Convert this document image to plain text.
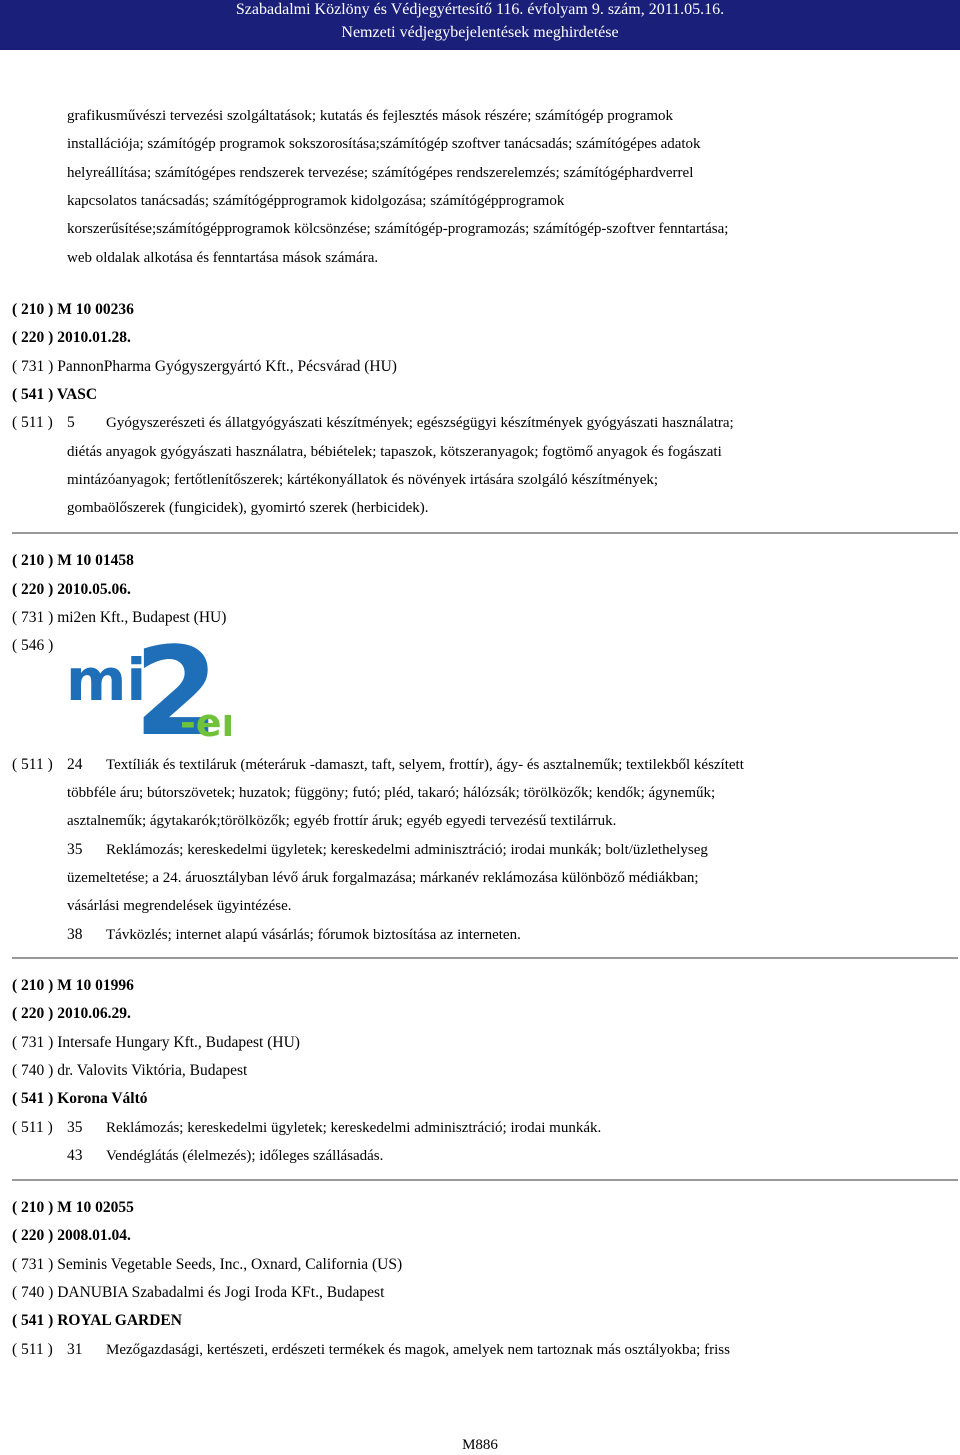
Szabadalmi Közlöny és Védjegyértesítő 116. évfolyam 9. szám, 2011.05.16.
Nemzeti védjegybejelentések meghirdetése
grafikusművészi tervezési szolgáltatások; kutatás és fejlesztés mások részére; számítógép programok
installációja; számítógép programok sokszorosítása;számítógép szoftver tanácsadás; számítógépes adatok
helyreállítása; számítógépes rendszerek tervezése; számítógépes rendszerelemzés; számítógéphardverrel
kapcsolatos tanácsadás; számítógépprogramok kidolgozása; számítógépprogramok
korszerűsítése;számítógépprogramok kölcsönzése; számítógép-programozás; számítógép-szoftver fenntartása;
web oldalak alkotása és fenntartása mások számára.
( 210 ) M 10 00236
( 220 ) 2010.01.28.
( 731 ) PannonPharma Gyógyszergyártó Kft., Pécsvárad (HU)
( 541 ) VASC
( 511 ) 5 Gyógyszerészeti és állatgyógyászati készítmények; egészségügyi készítmények gyógyászati használatra;
diétás anyagok gyógyászati használatra, bébiételek; tapaszok, kötszeranyagok; fogtömő anyagok és fogászati
mintázóanyagok; fertőtlenítőszerek; kártékonyállatok és növények irtására szolgáló készítmények;
gombaölőszerek (fungicidek), gyomirtó szerek (herbicidek).
( 210 ) M 10 01458
( 220 ) 2010.05.06.
( 731 ) mi2en Kft., Budapest (HU)
( 546 )
mi
2
-e
( 511 ) 24 Textíliák és textiláruk (méteráruk -damaszt, taft, selyem, frottír), ágy- és asztalneműk; textilekből készített
többféle áru; bútorszövetek; huzatok; függöny; futó; pléd, takaró; hálózsák; törölközők; kendők; ágyneműk;
asztalneműk; ágytakarók;törölközők; egyéb frottír áruk; egyéb egyedi tervezésű textilárruk.
35 Reklámozás; kereskedelmi ügyletek; kereskedelmi adminisztráció; irodai munkák; bolt/üzlethelyseg
üzemeltetése; a 24. áruosztályban lévő áruk forgalmazása; márkanév reklámozása különböző médiákban;
vásárlási megrendelések ügyintézése.
38 Távközlés; internet alapú vásárlás; fórumok biztosítása az interneten.
( 210 ) M 10 01996
( 220 ) 2010.06.29.
( 731 ) Intersafe Hungary Kft., Budapest (HU)
( 740 ) dr. Valovits Viktória, Budapest
( 541 ) Korona Váltó
( 511 ) 35 Reklámozás; kereskedelmi ügyletek; kereskedelmi adminisztráció; irodai munkák.
43 Vendéglátás (élelmezés); időleges szállásadás.
( 210 ) M 10 02055
( 220 ) 2008.01.04.
( 731 ) Seminis Vegetable Seeds, Inc., Oxnard, California (US)
( 740 ) DANUBIA Szabadalmi és Jogi Iroda KFt., Budapest
( 541 ) ROYAL GARDEN
( 511 ) 31 Mezőgazdasági, kertészeti, erdészeti termékek és magok, amelyek nem tartoznak más osztályokba; friss
M886
